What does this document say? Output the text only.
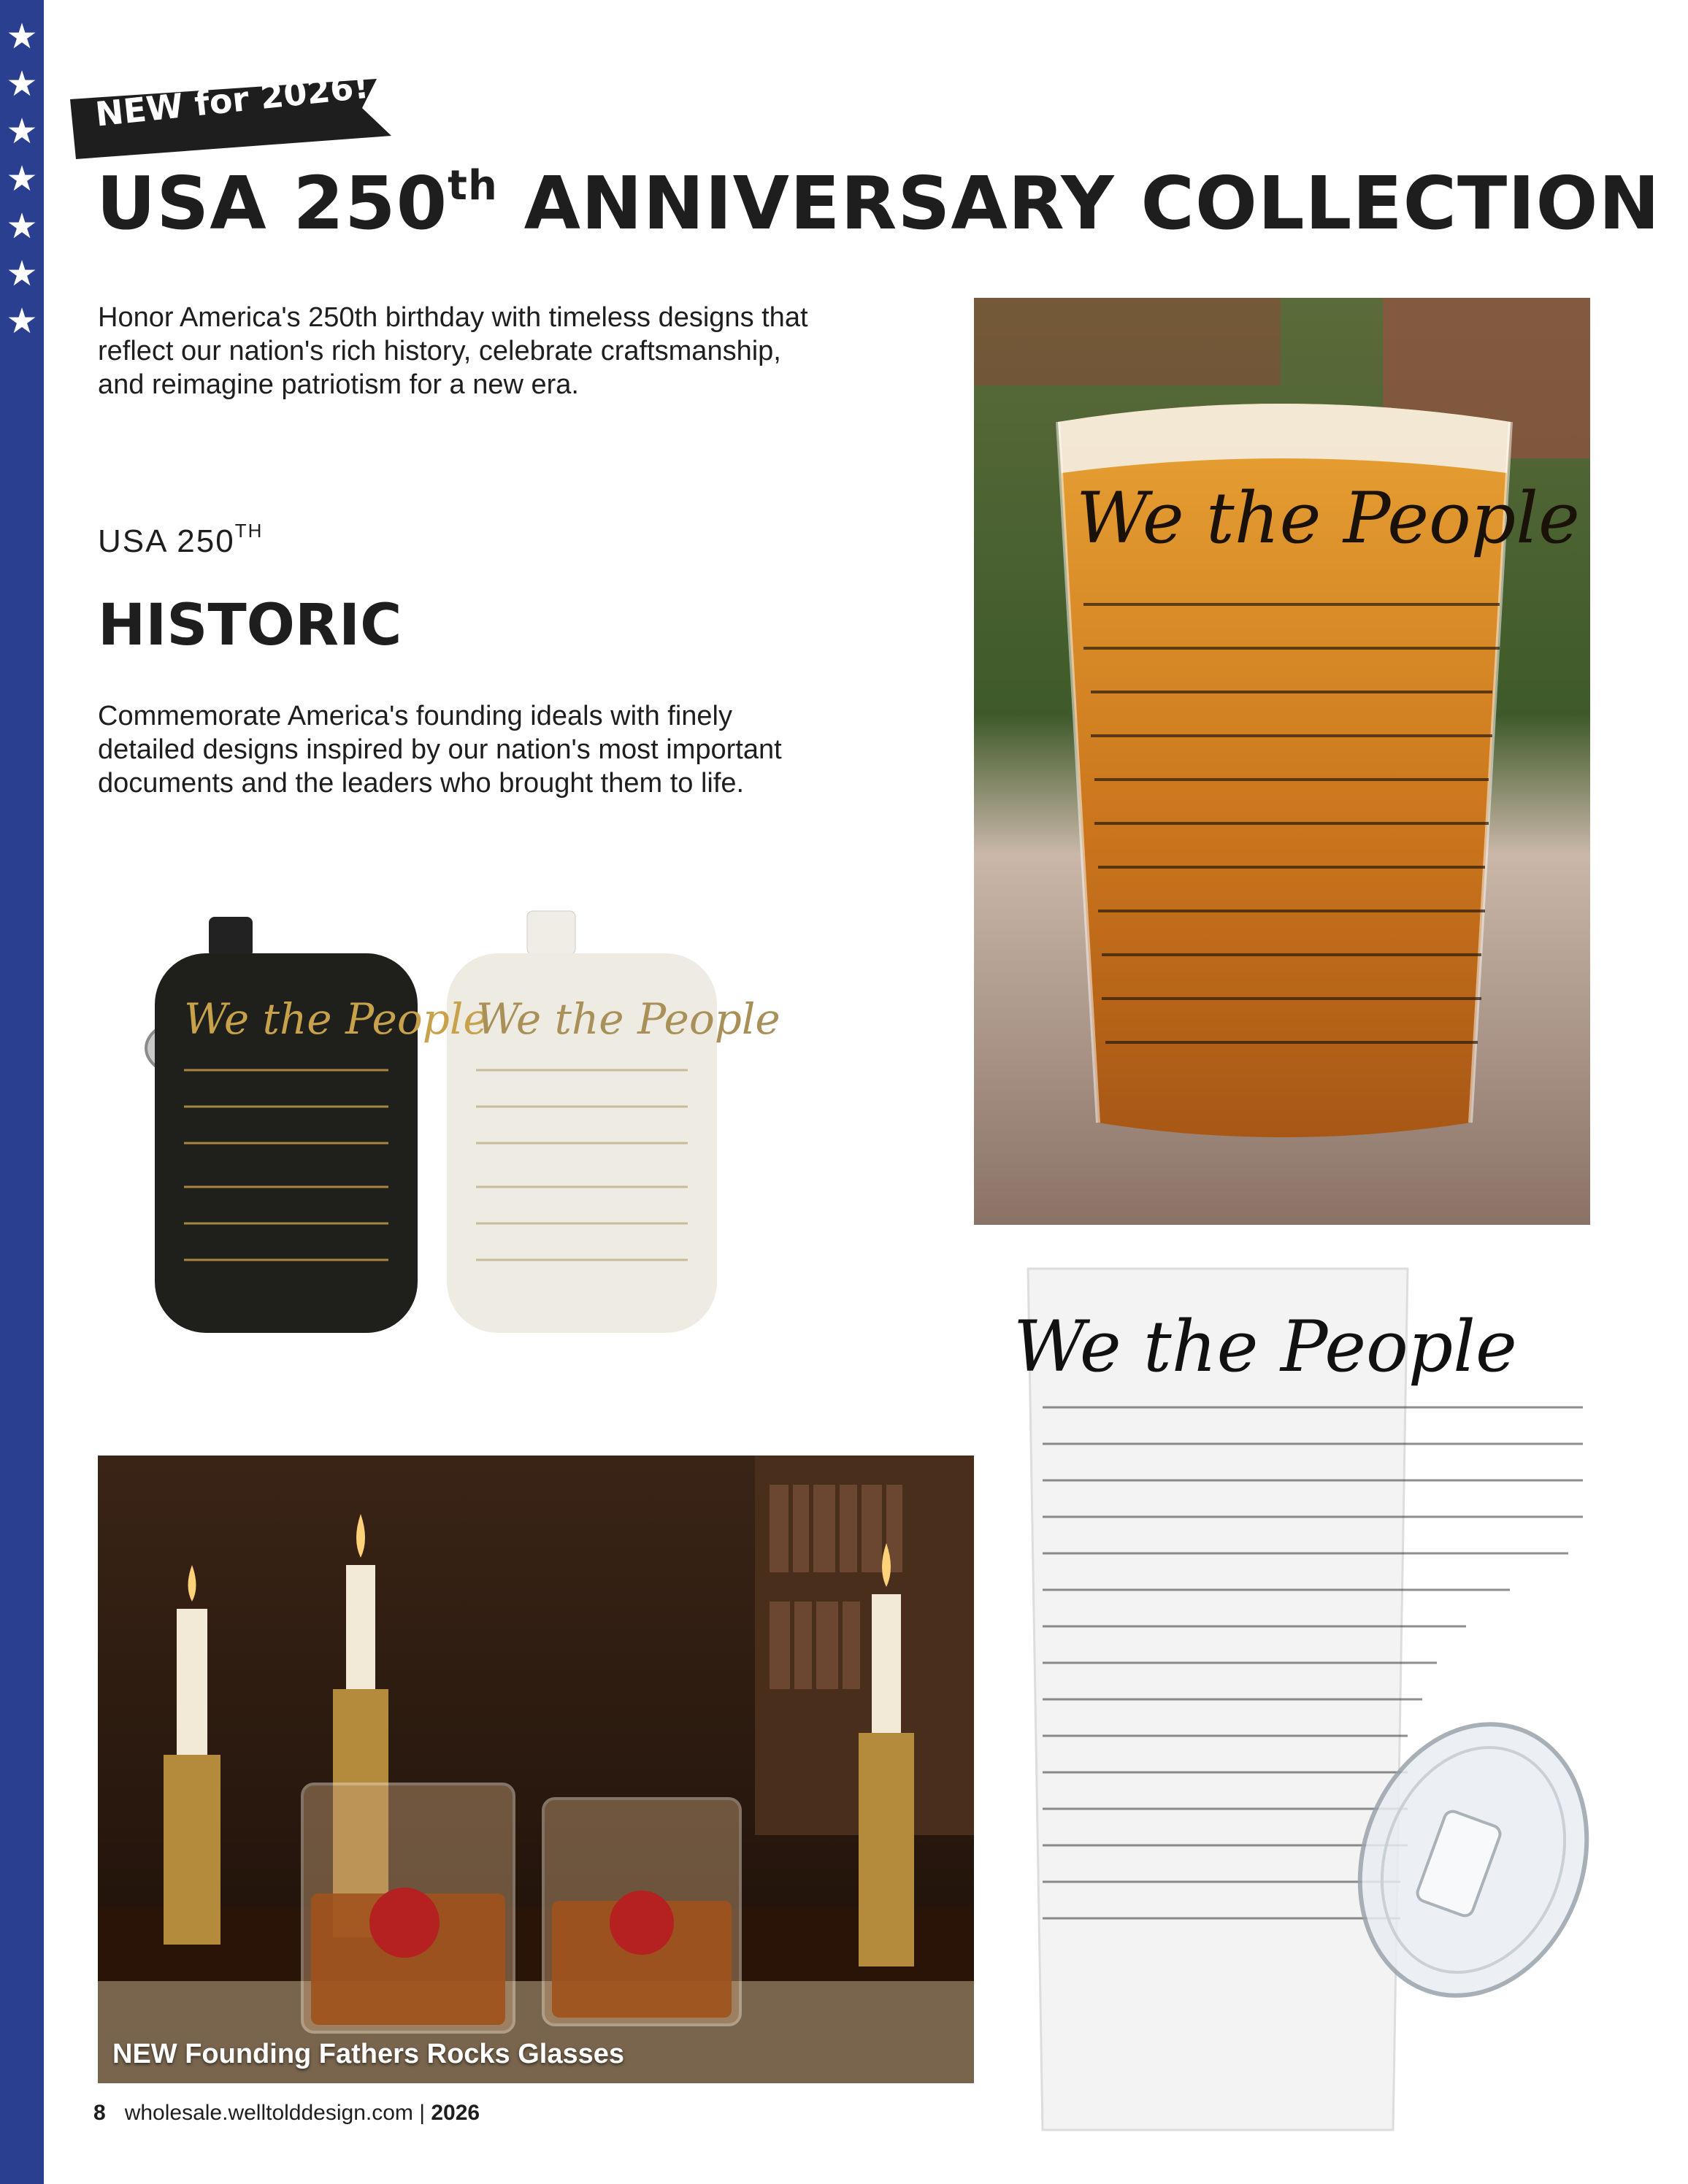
★
★
★
★
★
★
★
NEW for 2026!
USA 250th ANNIVERSARY COLLECTION

Honor America's 250th birthday with timeless designs that reflect our nation's rich history, celebrate craftsmanship, and reimagine patriotism for a new era.

USA 250TH

HISTORIC

Commemorate America's founding ideals with finely detailed designs inspired by our nation's most important documents and the leaders who brought them to life.

We the People
We the People
We the People
NEW Founding Fathers Rocks Glasses
We the People
8 wholesale.welltolddesign.com | 2026
